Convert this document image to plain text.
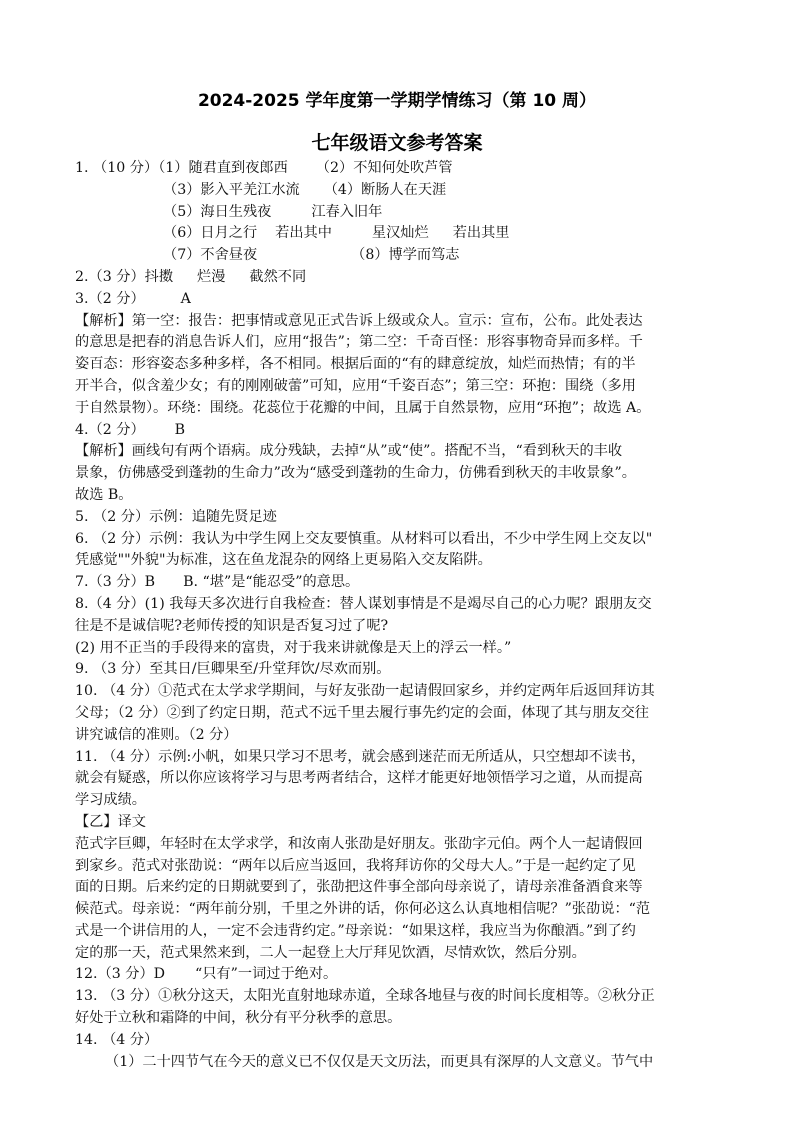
2024-2025 学年度第一学期学情练习（第 10 周）
七年级语文参考答案
1. （10 分）（1）随君直到夜郎西 （2）不知何处吹芦管
（3）影入平羌江水流 （4）断肠人在天涯
（5）海日生残夜	江春入旧年
（6）日月之行 若出其中	星汉灿烂 若出其里
（7）不舍昼夜	（8）博学而笃志
2.（3 分）抖擞 烂漫 截然不同
3.（2 分）	A
【解析】第一空：报告：把事情或意见正式告诉上级或众人。宣示：宣布，公布。此处表达
的意思是把春的消息告诉人们，应用“报告”；第二空：千奇百怪：形容事物奇异而多样。千
姿百态：形容姿态多种多样，各不相同。根据后面的“有的肆意绽放，灿烂而热情；有的半
开半合，似含羞少女；有的刚刚破蕾”可知，应用“千姿百态”；第三空：环抱：围绕（多用
于自然景物）。环绕：围绕。花蕊位于花瓣的中间，且属于自然景物，应用“环抱”；故选 A。
4.（2 分） B
【解析】画线句有两个语病。成分残缺，去掉“从”或“使”。搭配不当，“看到秋天的丰收
景象，仿佛感受到蓬勃的生命力”改为“感受到蓬勃的生命力，仿佛看到秋天的丰收景象”。
故选 B。
5. （2 分）示例：追随先贤足迹
6. （2 分）示例：我认为中学生网上交友要慎重。从材料可以看出，不少中学生网上交友以"
凭感觉""外貌"为标准，这在鱼龙混杂的网络上更易陷入交友陷阱。
7.（3 分）B B. “堪”是“能忍受”的意思。
8.（4 分）(1) 我每天多次进行自我检查：替人谋划事情是不是竭尽自己的心力呢？跟朋友交
往是不是诚信呢?老师传授的知识是否复习过了呢?
(2) 用不正当的手段得来的富贵，对于我来讲就像是天上的浮云一样。”
9. （3 分）至其日/巨卿果至/升堂拜饮/尽欢而别。
10. （4 分）①范式在太学求学期间，与好友张劭一起请假回家乡，并约定两年后返回拜访其
父母；（2 分）②到了约定日期，范式不远千里去履行事先约定的会面，体现了其与朋友交往
讲究诚信的准则。（2 分）
11. （4 分）示例:小帆，如果只学习不思考，就会感到迷茫而无所适从，只空想却不读书，
就会有疑惑，所以你应该将学习与思考两者结合，这样才能更好地领悟学习之道，从而提高
学习成绩。
【乙】译文
范式字巨卿，年轻时在太学求学，和汝南人张劭是好朋友。张劭字元伯。两个人一起请假回
到家乡。范式对张劭说：“两年以后应当返回，我将拜访你的父母大人。”于是一起约定了见
面的日期。后来约定的日期就要到了，张劭把这件事全部向母亲说了，请母亲准备酒食来等
候范式。母亲说：“两年前分别，千里之外讲的话，你何必这么认真地相信呢？”张劭说：“范
式是一个讲信用的人，一定不会违背约定。”母亲说：“如果这样，我应当为你酿酒。”到了约
定的那一天，范式果然来到，二人一起登上大厅拜见饮酒，尽情欢饮，然后分别。
12.（3 分）D “只有”一词过于绝对。
13. （3 分）①秋分这天，太阳光直射地球赤道，全球各地昼与夜的时间长度相等。②秋分正
好处于立秋和霜降的中间，秋分有平分秋季的意思。
14. （4 分）
（1）二十四节气在今天的意义已不仅仅是天文历法，而更具有深厚的人文意义。节气中
